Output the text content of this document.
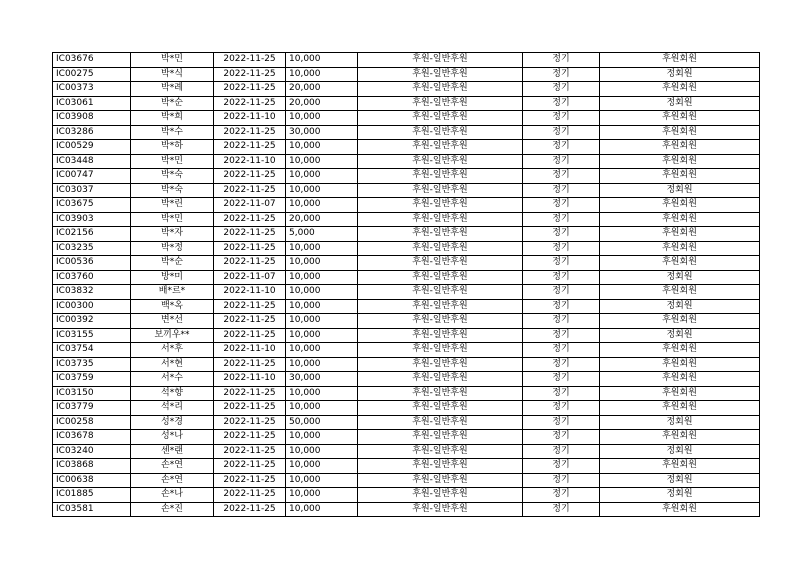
IC03676	박*민	2022-11-25	10,000	후원-일반후원	정기	후원회원
IC00275	박*식	2022-11-25	10,000	후원-일반후원	정기	정회원
IC00373	박*례	2022-11-25	20,000	후원-일반후원	정기	후원회원
IC03061	박*순	2022-11-25	20,000	후원-일반후원	정기	정회원
IC03908	박*희	2022-11-10	10,000	후원-일반후원	정기	후원회원
IC03286	박*수	2022-11-25	30,000	후원-일반후원	정기	후원회원
IC00529	박*하	2022-11-25	10,000	후원-일반후원	정기	후원회원
IC03448	박*민	2022-11-10	10,000	후원-일반후원	정기	후원회원
IC00747	박*숙	2022-11-25	10,000	후원-일반후원	정기	후원회원
IC03037	박*숙	2022-11-25	10,000	후원-일반후원	정기	정회원
IC03675	박*린	2022-11-07	10,000	후원-일반후원	정기	후원회원
IC03903	박*민	2022-11-25	20,000	후원-일반후원	정기	후원회원
IC02156	박*자	2022-11-25	5,000	후원-일반후원	정기	후원회원
IC03235	박*정	2022-11-25	10,000	후원-일반후원	정기	후원회원
IC00536	박*순	2022-11-25	10,000	후원-일반후원	정기	후원회원
IC03760	방*미	2022-11-07	10,000	후원-일반후원	정기	정회원
IC03832	배*르*	2022-11-10	10,000	후원-일반후원	정기	후원회원
IC00300	백*옥	2022-11-25	10,000	후원-일반후원	정기	정회원
IC00392	변*선	2022-11-25	10,000	후원-일반후원	정기	후원회원
IC03155	보끼우**	2022-11-25	10,000	후원-일반후원	정기	정회원
IC03754	서*후	2022-11-10	10,000	후원-일반후원	정기	후원회원
IC03735	서*현	2022-11-25	10,000	후원-일반후원	정기	후원회원
IC03759	서*수	2022-11-10	30,000	후원-일반후원	정기	후원회원
IC03150	석*향	2022-11-25	10,000	후원-일반후원	정기	후원회원
IC03779	석*리	2022-11-25	10,000	후원-일반후원	정기	후원회원
IC00258	성*경	2022-11-25	50,000	후원-일반후원	정기	정회원
IC03678	성*나	2022-11-25	10,000	후원-일반후원	정기	후원회원
IC03240	센*랜	2022-11-25	10,000	후원-일반후원	정기	정회원
IC03868	손*연	2022-11-25	10,000	후원-일반후원	정기	후원회원
IC00638	손*연	2022-11-25	10,000	후원-일반후원	정기	정회원
IC01885	손*나	2022-11-25	10,000	후원-일반후원	정기	정회원
IC03581	손*진	2022-11-25	10,000	후원-일반후원	정기	후원회원
